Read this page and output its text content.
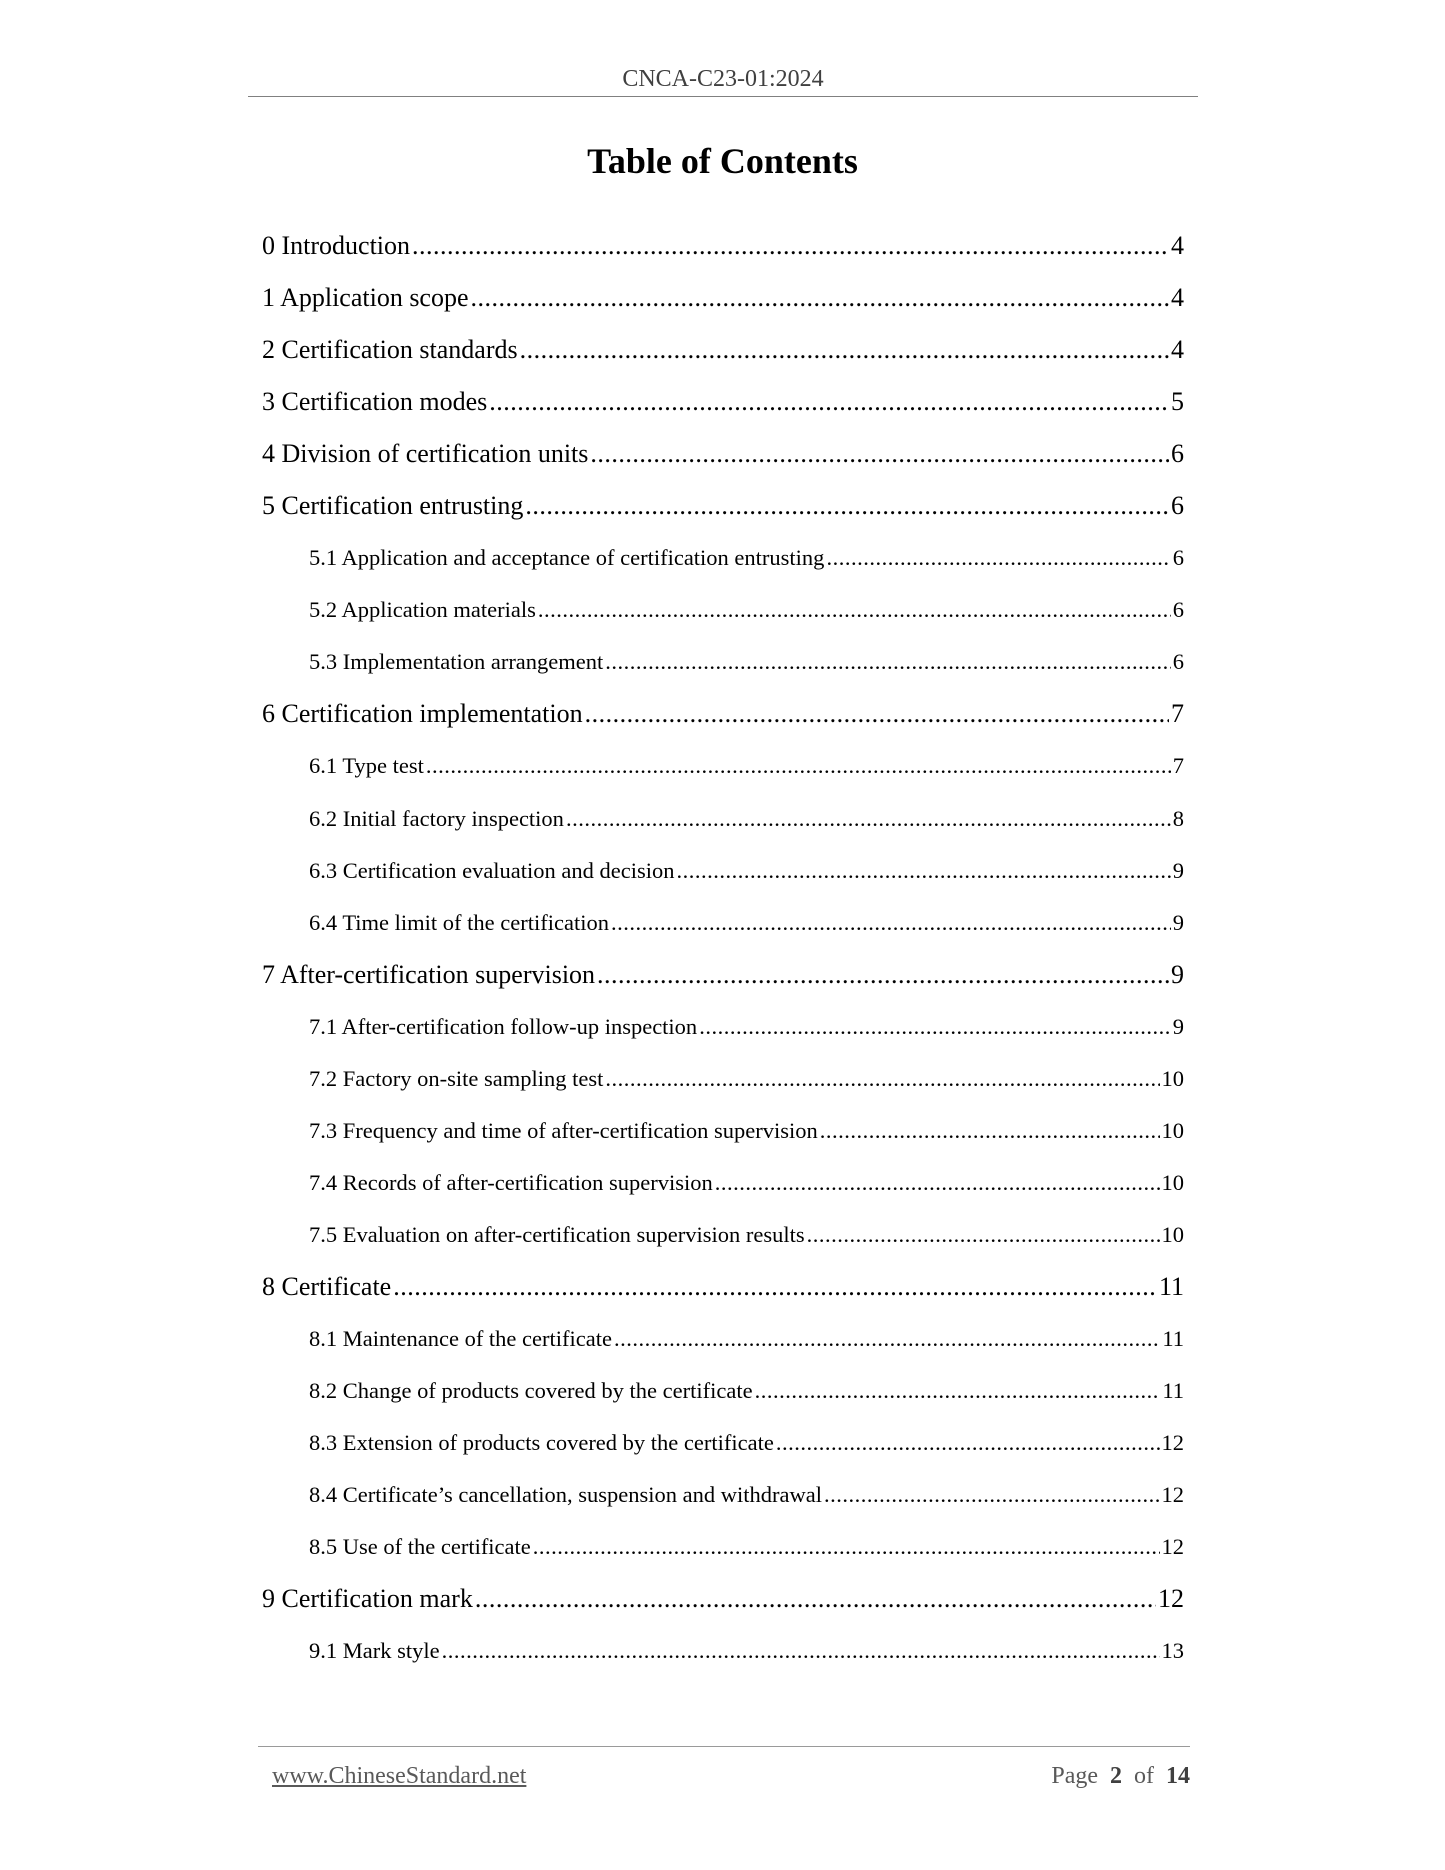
CNCA-C23-01:2024
Table of Contents
0 Introduction .....	4
1 Application scope .....	4
2 Certification standards .....	4
3 Certification modes .....	5
4 Division of certification units .....	6
5 Certification entrusting .....	6
5.1 Application and acceptance of certification entrusting .....	6
5.2 Application materials .....	6
5.3 Implementation arrangement .....	6
6 Certification implementation .....	7
6.1 Type test .....	7
6.2 Initial factory inspection .....	8
6.3 Certification evaluation and decision .....	9
6.4 Time limit of the certification .....	9
7 After-certification supervision .....	9
7.1 After-certification follow-up inspection .....	9
7.2 Factory on-site sampling test .....	10
7.3 Frequency and time of after-certification supervision .....	10
7.4 Records of after-certification supervision .....	10
7.5 Evaluation on after-certification supervision results .....	10
8 Certificate .....	11
8.1 Maintenance of the certificate .....	11
8.2 Change of products covered by the certificate .....	11
8.3 Extension of products covered by the certificate .....	12
8.4 Certificate’s cancellation, suspension and withdrawal .....	12
8.5 Use of the certificate .....	12
9 Certification mark .....	12
9.1 Mark style .....	13
www.ChineseStandard.net	Page 2 of 14
